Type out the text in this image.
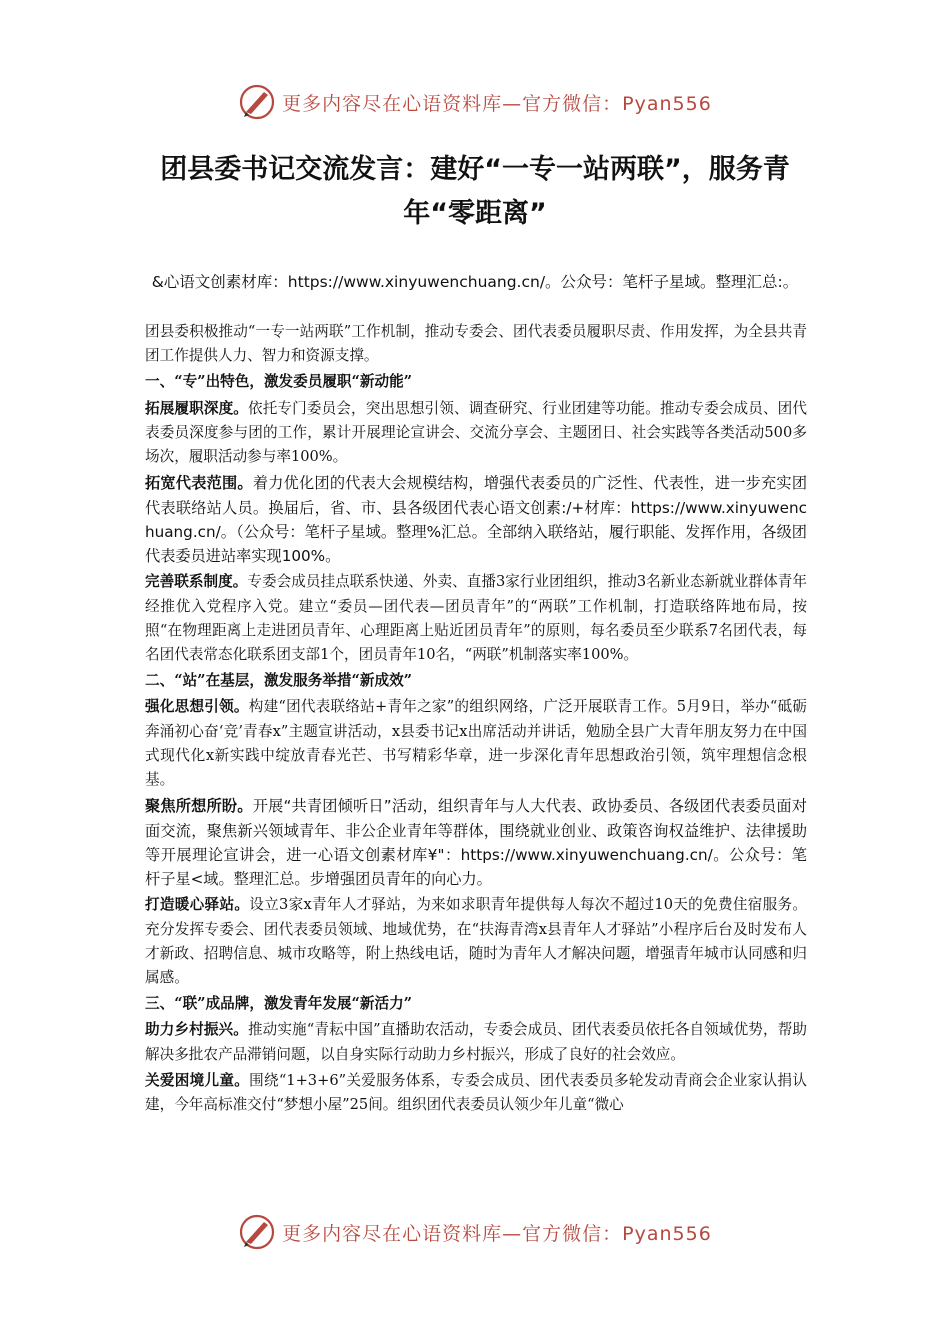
更多内容尽在心语资料库—官方微信：Pyan556
团县委书记交流发言：建好“一专一站两联”，服务青年“零距离”
&心语文创素材库：https://www.xinyuwenchuang.cn/。公众号：笔杆子星域。整理汇总:。

团县委积极推动“一专一站两联”工作机制，推动专委会、团代表委员履职尽责、作用发挥，为全县共青团工作提供人力、智力和资源支撑。

一、“专”出特色，激发委员履职“新动能”

拓展履职深度。依托专门委员会，突出思想引领、调查研究、行业团建等功能。推动专委会成员、团代表委员深度参与团的工作，累计开展理论宣讲会、交流分享会、主题团日、社会实践等各类活动500多场次，履职活动参与率100%。

拓宽代表范围。着力优化团的代表大会规模结构，增强代表委员的广泛性、代表性，进一步充实团代表联络站人员。换届后，省、市、县各级团代表心语文创素:/+材库：https://www.xinyuwenchuang.cn/。（公众号：笔杆子星域。整理%汇总。全部纳入联络站，履行职能、发挥作用，各级团代表委员进站率实现100%。

完善联系制度。专委会成员挂点联系快递、外卖、直播3家行业团组织，推动3名新业态新就业群体青年经推优入党程序入党。建立“委员—团代表—团员青年”的“两联”工作机制，打造联络阵地布局，按照“在物理距离上走进团员青年、心理距离上贴近团员青年”的原则，每名委员至少联系7名团代表，每名团代表常态化联系团支部1个，团员青年10名，“两联”机制落实率100%。

二、“站”在基层，激发服务举措“新成效”

强化思想引领。构建“团代表联络站+青年之家”的组织网络，广泛开展联青工作。5月9日，举办“砥砺奔涌初心奋‘竞’青春x”主题宣讲活动，x县委书记x出席活动并讲话，勉励全县广大青年朋友努力在中国式现代化x新实践中绽放青春光芒、书写精彩华章，进一步深化青年思想政治引领，筑牢理想信念根基。

聚焦所想所盼。开展“共青团倾听日”活动，组织青年与人大代表、政协委员、各级团代表委员面对面交流，聚焦新兴领域青年、非公企业青年等群体，围绕就业创业、政策咨询权益维护、法律援助等开展理论宣讲会，进一心语文创素材库¥"：https://www.xinyuwenchuang.cn/。公众号：笔杆子星<域。整理汇总。步增强团员青年的向心力。

打造暖心驿站。设立3家x青年人才驿站，为来如求职青年提供每人每次不超过10天的免费住宿服务。充分发挥专委会、团代表委员领域、地域优势，在“扶海青湾x县青年人才驿站”小程序后台及时发布人才新政、招聘信息、城市攻略等，附上热线电话，随时为青年人才解决问题，增强青年城市认同感和归属感。

三、“联”成品牌，激发青年发展“新活力”

助力乡村振兴。推动实施“青耘中国”直播助农活动，专委会成员、团代表委员依托各自领域优势，帮助解决多批农产品滞销问题，以自身实际行动助力乡村振兴，形成了良好的社会效应。

关爱困境儿童。围绕“1+3+6”关爱服务体系，专委会成员、团代表委员多轮发动青商会企业家认捐认建，今年高标准交付“梦想小屋”25间。组织团代表委员认领少年儿童“微心

更多内容尽在心语资料库—官方微信：Pyan556
